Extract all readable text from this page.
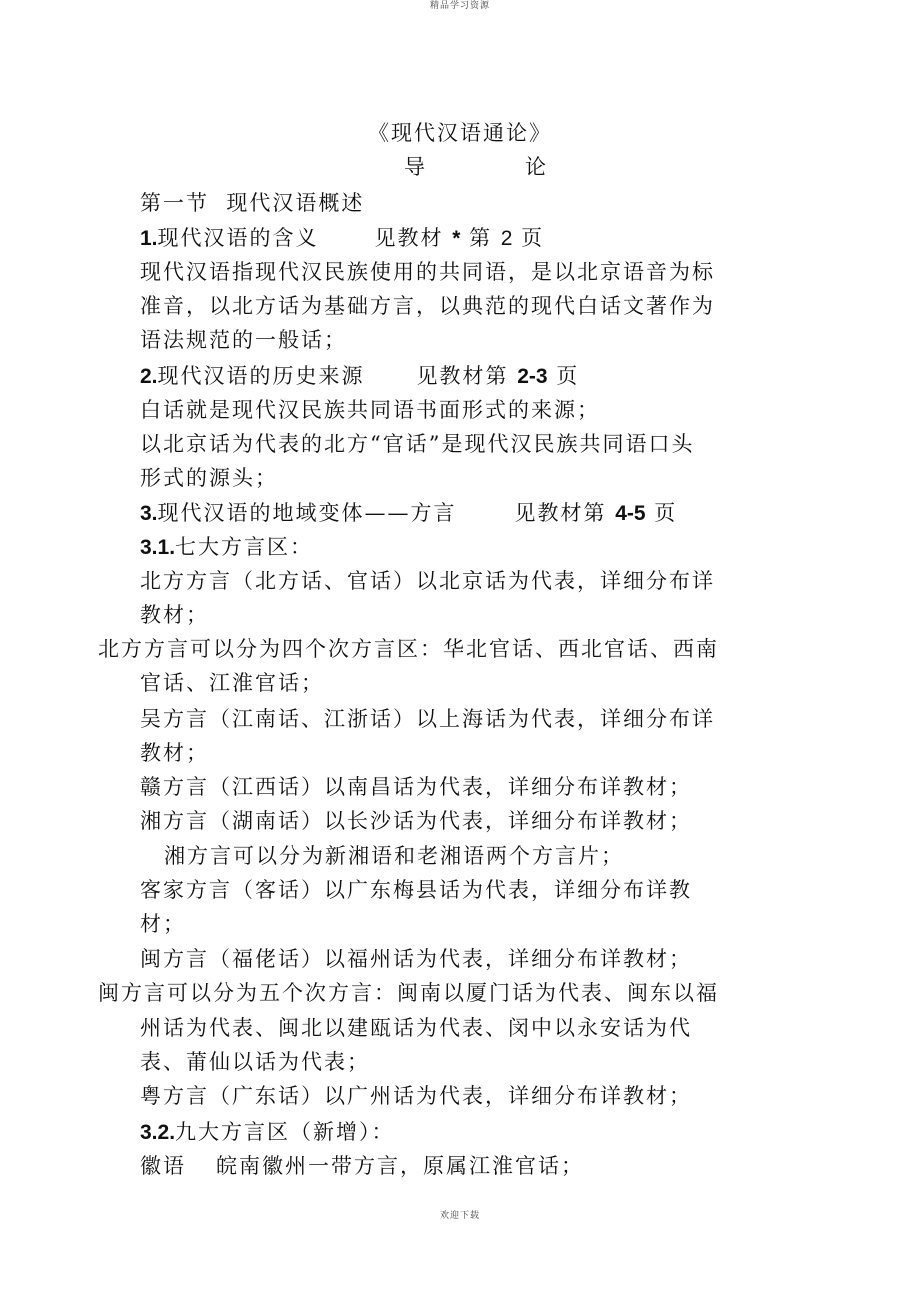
精品学习资源
《现代汉语通论》
导   论
第一节  现代汉语概述
1.现代汉语的含义	见教材 * 第 2 页
现代汉语指现代汉民族使用的共同语，是以北京语音为标
准音，以北方话为基础方言，以典范的现代白话文著作为
语法规范的一般话；
2.现代汉语的历史来源 见教材第 2-3 页
白话就是现代汉民族共同语书面形式的来源；
以北京话为代表的北方“官话”是现代汉民族共同语口头
形式的源头；
3.现代汉语的地域变体——方言	见教材第 4-5 页
3.1.七大方言区：
北方方言（北方话、官话）以北京话为代表，详细分布详
教材；
北方方言可以分为四个次方言区：华北官话、西北官话、西南
官话、江淮官话；
吴方言（江南话、江浙话）以上海话为代表，详细分布详
教材；
赣方言（江西话）以南昌话为代表，详细分布详教材；
湘方言（湖南话）以长沙话为代表，详细分布详教材；
湘方言可以分为新湘语和老湘语两个方言片；
客家方言（客话）以广东梅县话为代表，详细分布详教
材；
闽方言（福佬话）以福州话为代表，详细分布详教材；
闽方言可以分为五个次方言：闽南以厦门话为代表、闽东以福
州话为代表、闽北以建瓯话为代表、闵中以永安话为代
表、莆仙以话为代表；
粤方言（广东话）以广州话为代表，详细分布详教材；
3.2.九大方言区（新增）：
徽语 皖南徽州一带方言，原属江淮官话；
欢迎下载
